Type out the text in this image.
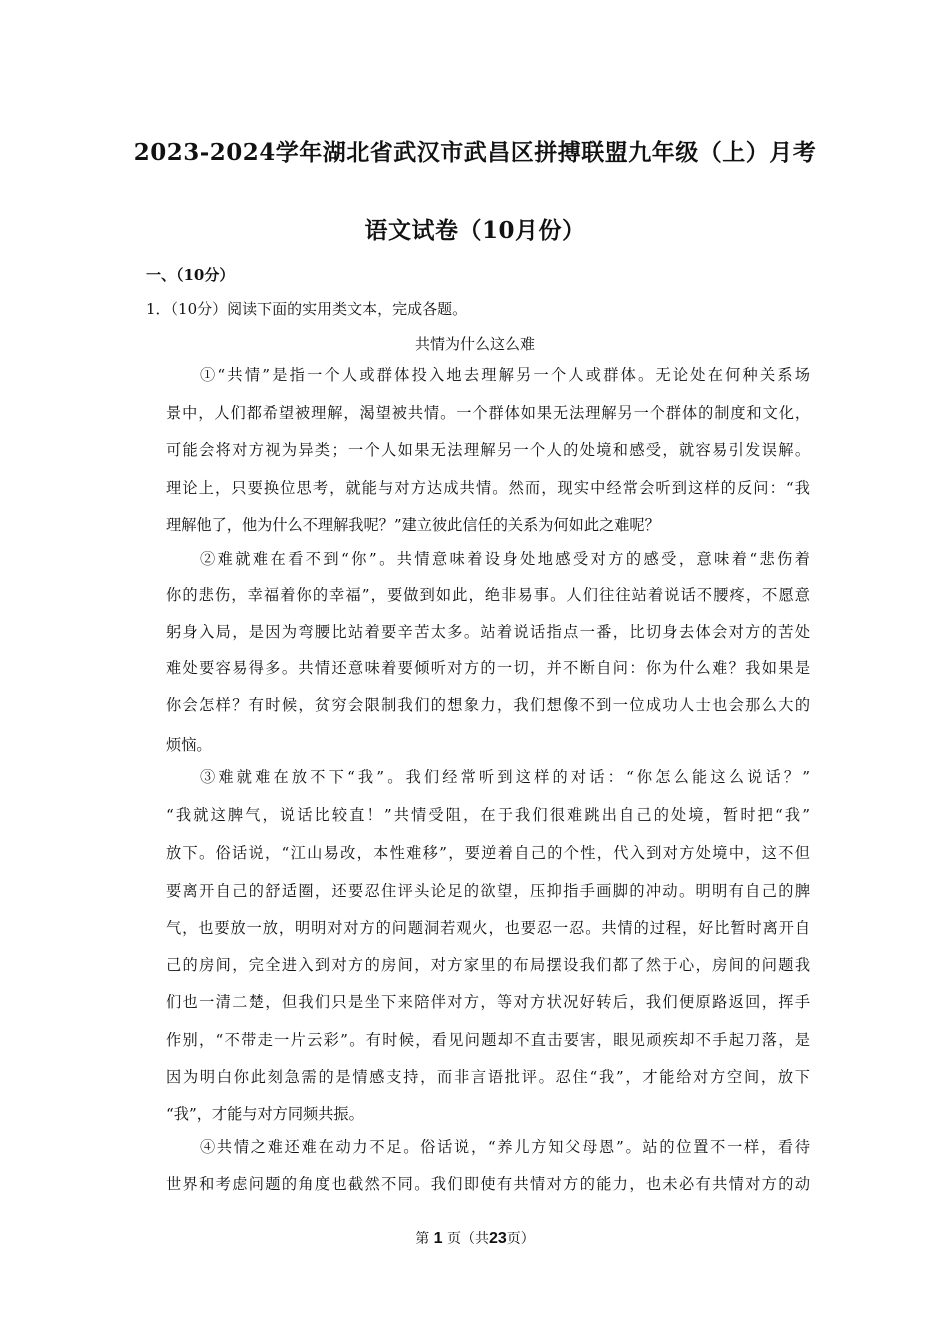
2023-2024学年湖北省武汉市武昌区拼搏联盟九年级（上）月考
语文试卷（10月份）
一、（10分）
1．（10分）阅读下面的实用类文本，完成各题。
共情为什么这么难
①“共情”是指一个人或群体投入地去理解另一个人或群体。无论处在何种关系场
景中，人们都希望被理解，渴望被共情。一个群体如果无法理解另一个群体的制度和文化，
可能会将对方视为异类；一个人如果无法理解另一个人的处境和感受，就容易引发误解。
理论上，只要换位思考，就能与对方达成共情。然而，现实中经常会听到这样的反问：“我
理解他了，他为什么不理解我呢？”建立彼此信任的关系为何如此之难呢？
②难就难在看不到“你”。共情意味着设身处地感受对方的感受，意味着“悲伤着
你的悲伤，幸福着你的幸福”，要做到如此，绝非易事。人们往往站着说话不腰疼，不愿意
躬身入局，是因为弯腰比站着要辛苦太多。站着说话指点一番，比切身去体会对方的苦处
难处要容易得多。共情还意味着要倾听对方的一切，并不断自问：你为什么难？我如果是
你会怎样？有时候，贫穷会限制我们的想象力，我们想像不到一位成功人士也会那么大的
烦恼。
③难就难在放不下“我”。我们经常听到这样的对话：“你怎么能这么说话？”
“我就这脾气，说话比较直！”共情受阻，在于我们很难跳出自己的处境，暂时把“我”
放下。俗话说，“江山易改，本性难移”，要逆着自己的个性，代入到对方处境中，这不但
要离开自己的舒适圈，还要忍住评头论足的欲望，压抑指手画脚的冲动。明明有自己的脾
气，也要放一放，明明对对方的问题洞若观火，也要忍一忍。共情的过程，好比暂时离开自
己的房间，完全进入到对方的房间，对方家里的布局摆设我们都了然于心，房间的问题我
们也一清二楚，但我们只是坐下来陪伴对方，等对方状况好转后，我们便原路返回，挥手
作别，“不带走一片云彩”。有时候，看见问题却不直击要害，眼见顽疾却不手起刀落，是
因为明白你此刻急需的是情感支持，而非言语批评。忍住“我”，才能给对方空间，放下
“我”，才能与对方同频共振。
④共情之难还难在动力不足。俗话说，“养儿方知父母恩”。站的位置不一样，看待
世界和考虑问题的角度也截然不同。我们即使有共情对方的能力，也未必有共情对方的动
第 1 页（共23页）
